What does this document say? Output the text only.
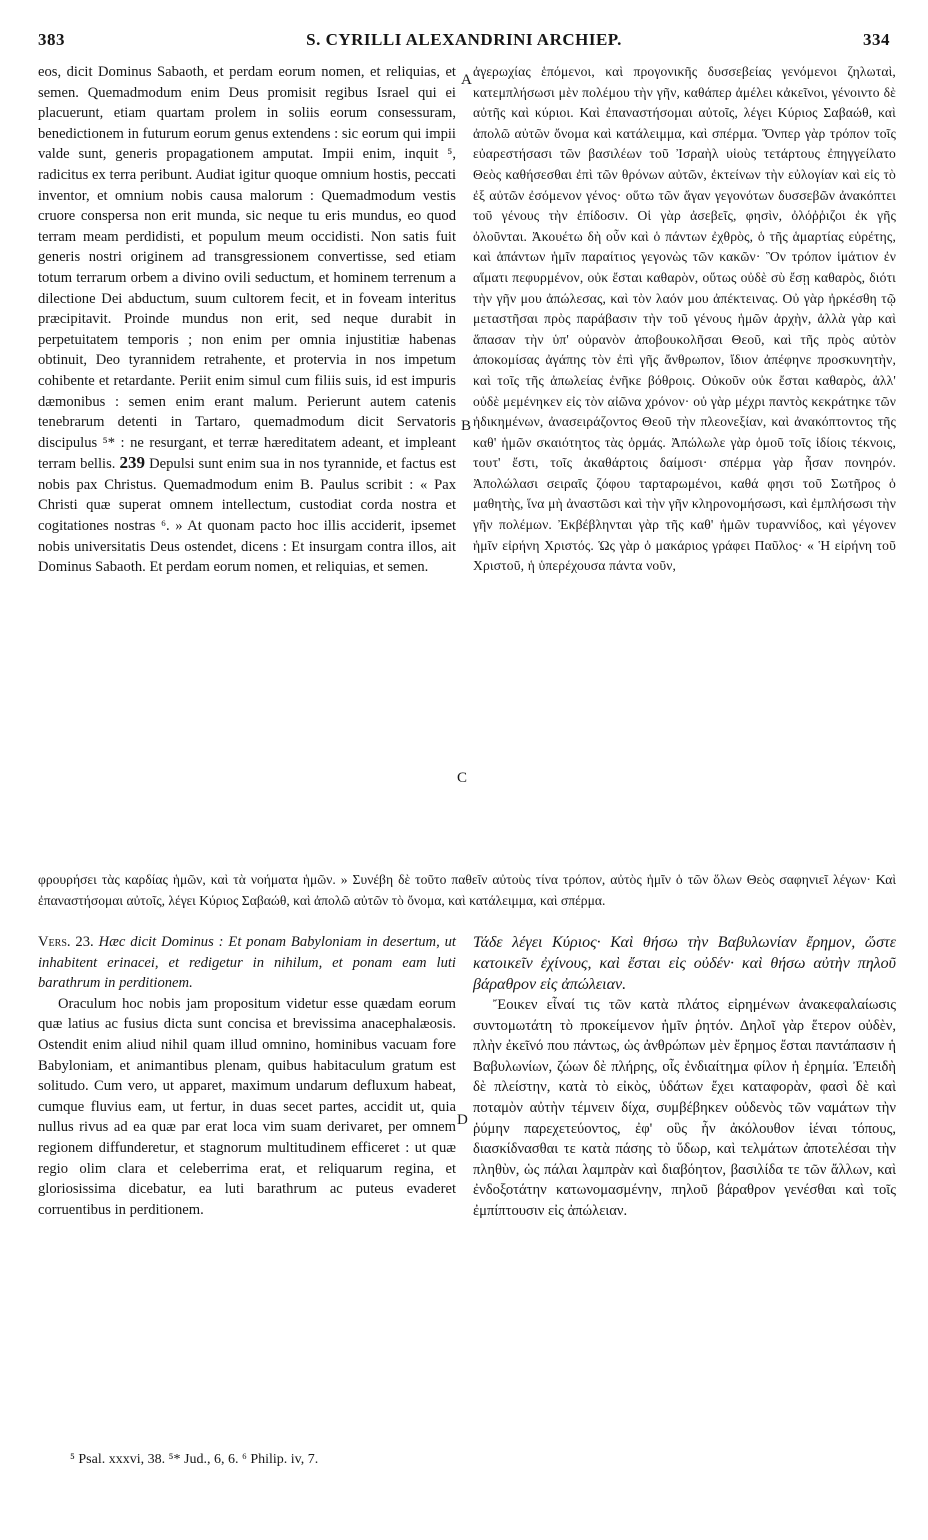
383	S. CYRILLI ALEXANDRINI ARCHIEP.	334
A
B
C
D

eos, dicit Dominus Sabaoth, et perdam eorum nomen, et reliquias, et semen. Quemadmodum enim Deus promisit regibus Israel qui ei placuerunt, etiam quartam prolem in soliis eorum consessuram, benedictionem in futurum eorum genus extendens : sic eorum qui impii valde sunt, generis propagationem amputat. Impii enim, inquit ⁵, radicitus ex terra peribunt. Audiat igitur quoque omnium hostis, peccati inventor, et omnium nobis causa malorum : Quemadmodum vestis cruore conspersa non erit munda, sic neque tu eris mundus, eo quod terram meam perdidisti, et populum meum occidisti. Non satis fuit generis nostri originem ad transgressionem convertisse, sed etiam totum terrarum orbem a divino ovili seductum, et hominem terrenum a dilectione Dei abductum, suum cultorem fecit, et in foveam interitus præcipitavit. Proinde mundus non erit, sed neque durabit in perpetuitatem temporis ; non enim per omnia injustitiæ habenas obtinuit, Deo tyrannidem retrahente, et protervia in nos impetum cohibente et retardante. Periit enim simul cum filiis suis, id est impuris dæmonibus : semen enim erant malum. Perierunt autem catenis tenebrarum detenti in Tartaro, quemadmodum dicit Servatoris discipulus ⁵* : ne resurgant, et terræ hæreditatem adeant, et impleant terram bellis. 239 Depulsi sunt enim sua in nos tyrannide, et factus est nobis pax Christus. Quemadmodum enim B. Paulus scribit : « Pax Christi quæ superat omnem intellectum, custodiat corda nostra et cogitationes nostras ⁶. » At quonam pacto hoc illis acciderit, ipsemet nobis universitatis Deus ostendet, dicens : Et insurgam contra illos, ait Dominus Sabaoth. Et perdam eorum nomen, et reliquias, et semen.

ἀγερωχίας ἑπόμενοι, καὶ προγονικῆς δυσσεβείας γενόμενοι ζηλωταὶ, κατεμπλήσωσι μὲν πολέμου τὴν γῆν, καθάπερ ἀμέλει κἀκεῖνοι, γένοιντο δὲ αὐτῆς καὶ κύριοι. Καὶ ἐπαναστήσομαι αὐτοῖς, λέγει Κύριος Σαβαώθ, καὶ ἀπολῶ αὐτῶν ὄνομα καὶ κατάλειμμα, καὶ σπέρμα. Ὅνπερ γὰρ τρόπον τοῖς εὐαρεστήσασι τῶν βασιλέων τοῦ Ἰσραὴλ υἱοὺς τετάρτους ἐπηγγείλατο Θεὸς καθήσεσθαι ἐπὶ τῶν θρόνων αὐτῶν, ἐκτείνων τὴν εὐλογίαν καὶ εἰς τὸ ἐξ αὐτῶν ἐσόμενον γένος· οὕτω τῶν ἄγαν γεγονότων δυσσεβῶν ἀνακόπτει τοῦ γένους τὴν ἐπίδοσιν. Οἱ γὰρ ἀσεβεῖς, φησὶν, ὀλόῤῥιζοι ἐκ γῆς ὀλοῦνται. Ἀκουέτω δὴ οὖν καὶ ὁ πάντων ἐχθρὸς, ὁ τῆς ἁμαρτίας εὑρέτης, καὶ ἁπάντων ἡμῖν παραίτιος γεγονὼς τῶν κακῶν· Ὃν τρόπον ἱμάτιον ἐν αἵματι πεφυρμένον, οὐκ ἔσται καθαρὸν, οὕτως οὐδὲ σὺ ἔσῃ καθαρὸς, διότι τὴν γῆν μου ἀπώλεσας, καὶ τὸν λαόν μου ἀπέκτεινας. Οὐ γὰρ ἠρκέσθη τῷ μεταστῆσαι πρὸς παράβασιν τὴν τοῦ γένους ἡμῶν ἀρχὴν, ἀλλὰ γὰρ καὶ ἅπασαν τὴν ὑπ' οὐρανὸν ἀποβουκολῆσαι Θεοῦ, καὶ τῆς πρὸς αὐτὸν ἀποκομίσας ἀγάπης τὸν ἐπὶ γῆς ἄνθρωπον, ἴδιον ἀπέφηνε προσκυνητὴν, καὶ τοῖς τῆς ἀπωλείας ἐνῆκε βόθροις. Οὐκοῦν οὐκ ἔσται καθαρὸς, ἀλλ' οὐδὲ μεμένηκεν εἰς τὸν αἰῶνα χρόνον· οὐ γὰρ μέχρι παντὸς κεκράτηκε τῶν ἠδικημένων, ἀνασειράζοντος Θεοῦ τὴν πλεονεξίαν, καὶ ἀνακόπτοντος τῆς καθ' ἡμῶν σκαιότητος τὰς ὁρμάς. Ἀπώλωλε γὰρ ὁμοῦ τοῖς ἰδίοις τέκνοις, τουτ' ἔστι, τοῖς ἀκαθάρτοις δαίμοσι· σπέρμα γὰρ ἦσαν πονηρόν. Ἀπολώλασι σειραῖς ζόφου ταρταρωμένοι, καθά φησι τοῦ Σωτῆρος ὁ μαθητὴς, ἵνα μὴ ἀναστῶσι καὶ τὴν γῆν κληρονομήσωσι, καὶ ἐμπλήσωσι τὴν γῆν πολέμων. Ἐκβέβληνται γὰρ τῆς καθ' ἡμῶν τυραννίδος, καὶ γέγονεν ἡμῖν εἰρήνη Χριστός. Ὡς γὰρ ὁ μακάριος γράφει Παῦλος· « Ἡ εἰρήνη τοῦ Χριστοῦ, ἡ ὑπερέχουσα πάντα νοῦν,

φρουρήσει τὰς καρδίας ἡμῶν, καὶ τὰ νοήματα ἡμῶν. » Συνέβη δὲ τοῦτο παθεῖν αὐτοὺς τίνα τρόπον, αὐτὸς ἡμῖν ὁ τῶν ὅλων Θεὸς σαφηνιεῖ λέγων· Καὶ ἐπαναστήσομαι αὐτοῖς, λέγει Κύριος Σαβαώθ, καὶ ἀπολῶ αὐτῶν τὸ ὄνομα, καὶ κατάλειμμα, καὶ σπέρμα.

Vers. 23. Hæc dicit Dominus : Et ponam Babyloniam in desertum, ut inhabitent erinacei, et redigetur in nihilum, et ponam eam luti barathrum in perditionem.

Oraculum hoc nobis jam propositum videtur esse quædam eorum quæ latius ac fusius dicta sunt concisa et brevissima anacephalæosis. Ostendit enim aliud nihil quam illud omnino, hominibus vacuam fore Babyloniam, et animantibus plenam, quibus habitaculum gratum est solitudo. Cum vero, ut apparet, maximum undarum defluxum habeat, cumque fluvius eam, ut fertur, in duas secet partes, accidit ut, quia nullus rivus ad ea quæ par erat loca vim suam derivaret, per omnem regionem diffunderetur, et stagnorum multitudinem efficeret : ut quæ regio olim clara et celeberrima erat, et reliquarum regina, et gloriosissima dicebatur, ea luti barathrum ac puteus evaderet corruentibus in perditionem.

Τάδε λέγει Κύριος· Καὶ θήσω τὴν Βαβυλωνίαν ἔρημον, ὥστε κατοικεῖν ἐχίνους, καὶ ἔσται εἰς οὐδέν· καὶ θήσω αὐτὴν πηλοῦ βάραθρον εἰς ἀπώλειαν.

Ἔοικεν εἶναί τις τῶν κατὰ πλάτος εἰρημένων ἀνακεφαλαίωσις συντομωτάτη τὸ προκείμενον ἡμῖν ῥητόν. Δηλοῖ γὰρ ἕτερον οὐδὲν, πλὴν ἐκεῖνό που πάντως, ὡς ἀνθρώπων μὲν ἔρημος ἔσται παντάπασιν ἡ Βαβυλωνίων, ζώων δὲ πλήρης, οἷς ἐνδιαίτημα φίλον ἡ ἐρημία. Ἐπειδὴ δὲ πλείστην, κατὰ τὸ εἰκὸς, ὑδάτων ἔχει καταφορὰν, φασὶ δὲ καὶ ποταμὸν αὐτὴν τέμνειν δίχα, συμβέβηκεν οὐδενὸς τῶν ναμάτων τὴν ῥύμην παρεχετεύοντος, ἐφ' οὓς ἦν ἀκόλουθον ἰέναι τόπους, διασκίδνασθαι τε κατὰ πάσης τὸ ὕδωρ, καὶ τελμάτων ἀποτελέσαι τὴν πληθὺν, ὡς πάλαι λαμπρὰν καὶ διαβόητον, βασιλίδα τε τῶν ἄλλων, καὶ ἐνδοξοτάτην κατωνομασμένην, πηλοῦ βάραθρον γενέσθαι καὶ τοῖς ἐμπίπτουσιν εἰς ἀπώλειαν.

⁵ Psal. xxxvi, 38. ⁵* Jud., 6, 6. ⁶ Philip. iv, 7.
